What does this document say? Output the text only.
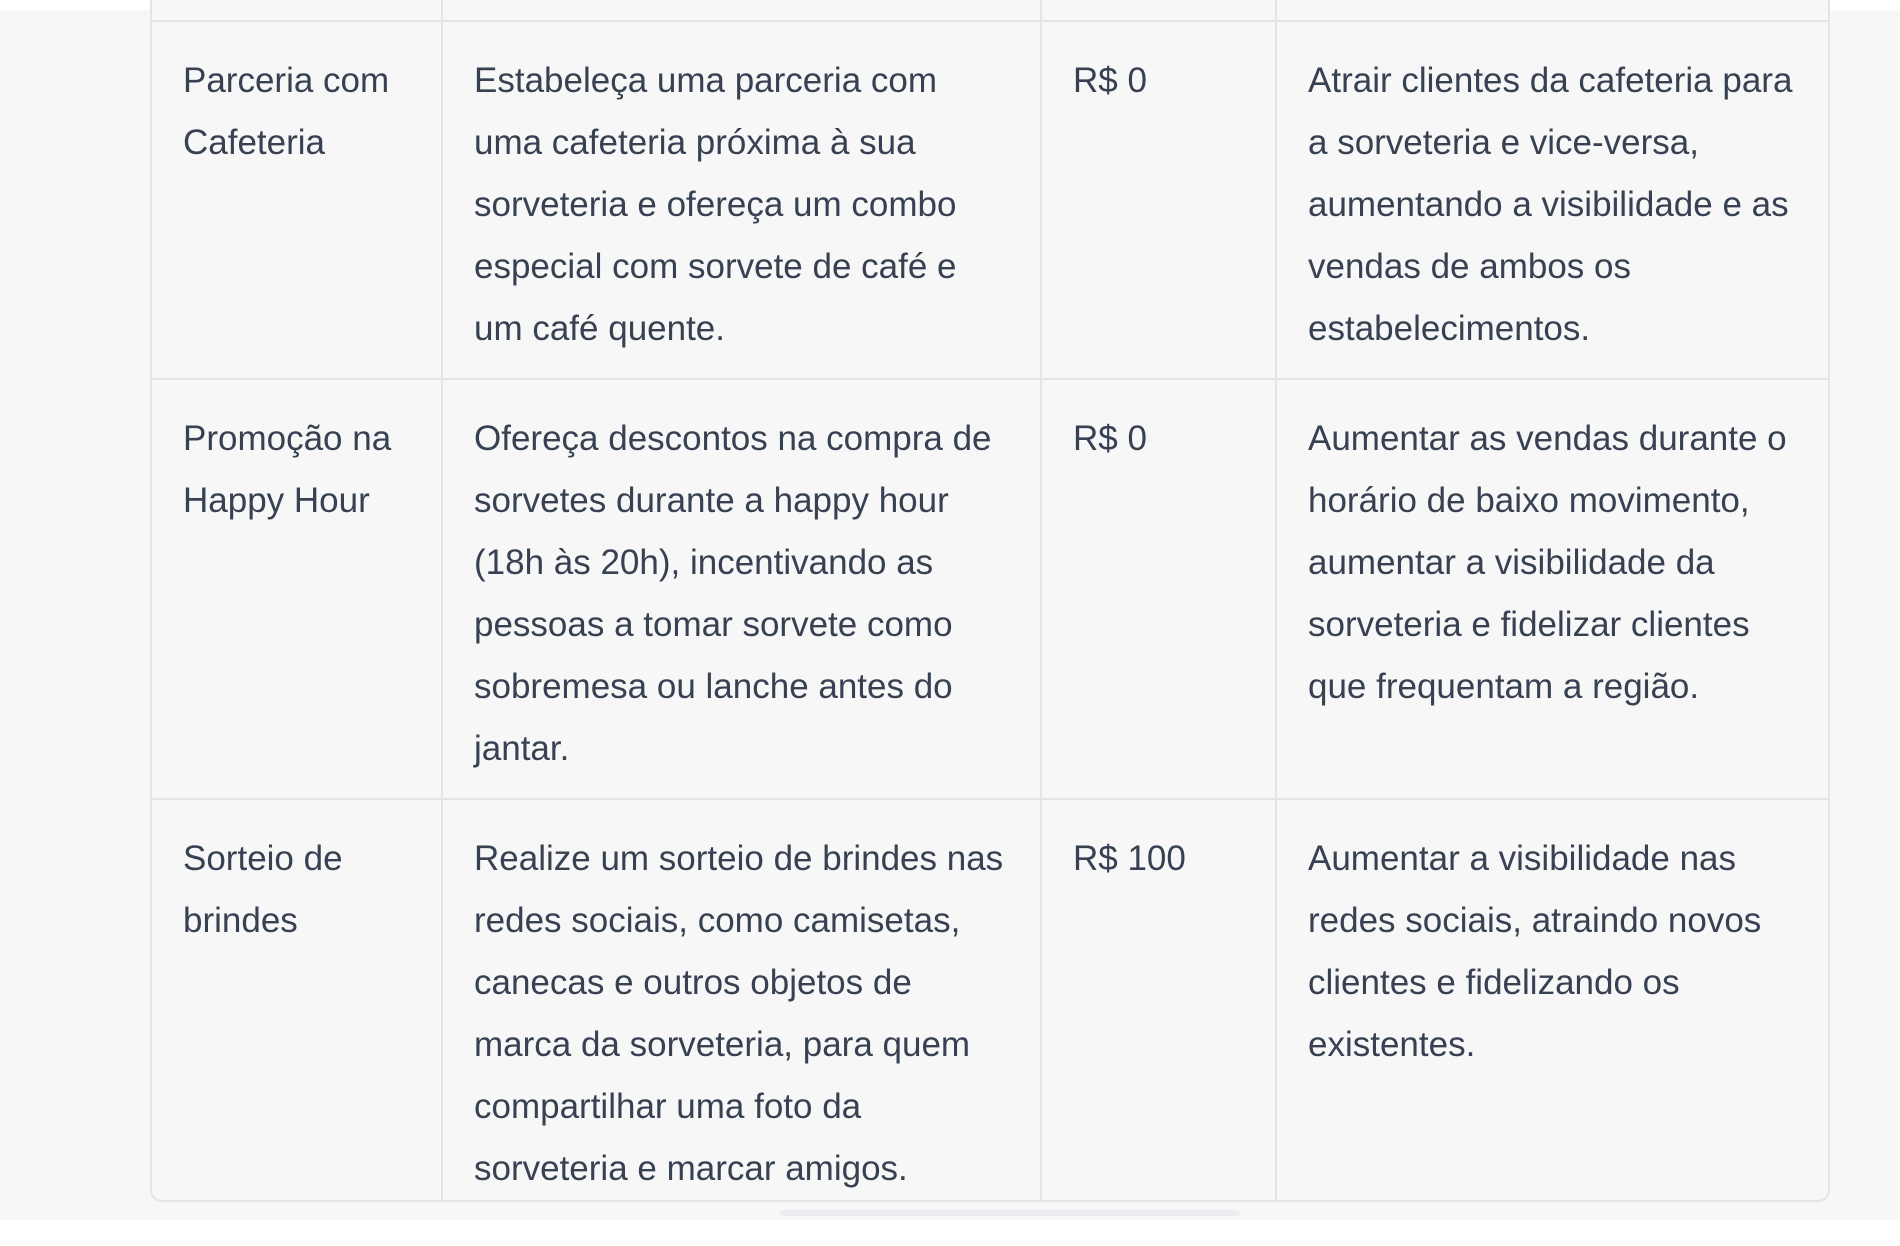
Parceria com Cafeteria	Estabeleça uma parceria com uma cafeteria próxima à sua sorveteria e ofereça um combo especial com sorvete de café e um café quente.	R$ 0	Atrair clientes da cafeteria para a sorveteria e vice-versa, aumentando a visibilidade e as vendas de ambos os estabelecimentos.
Promoção na Happy Hour	Ofereça descontos na compra de sorvetes durante a happy hour (18h às 20h), incentivando as pessoas a tomar sorvete como sobremesa ou lanche antes do jantar.	R$ 0	Aumentar as vendas durante o horário de baixo movimento, aumentar a visibilidade da sorveteria e fidelizar clientes que frequentam a região.
Sorteio de brindes	Realize um sorteio de brindes nas redes sociais, como camisetas, canecas e outros objetos de marca da sorveteria, para quem compartilhar uma foto da sorveteria e marcar amigos.	R$ 100	Aumentar a visibilidade nas redes sociais, atraindo novos clientes e fidelizando os existentes.
